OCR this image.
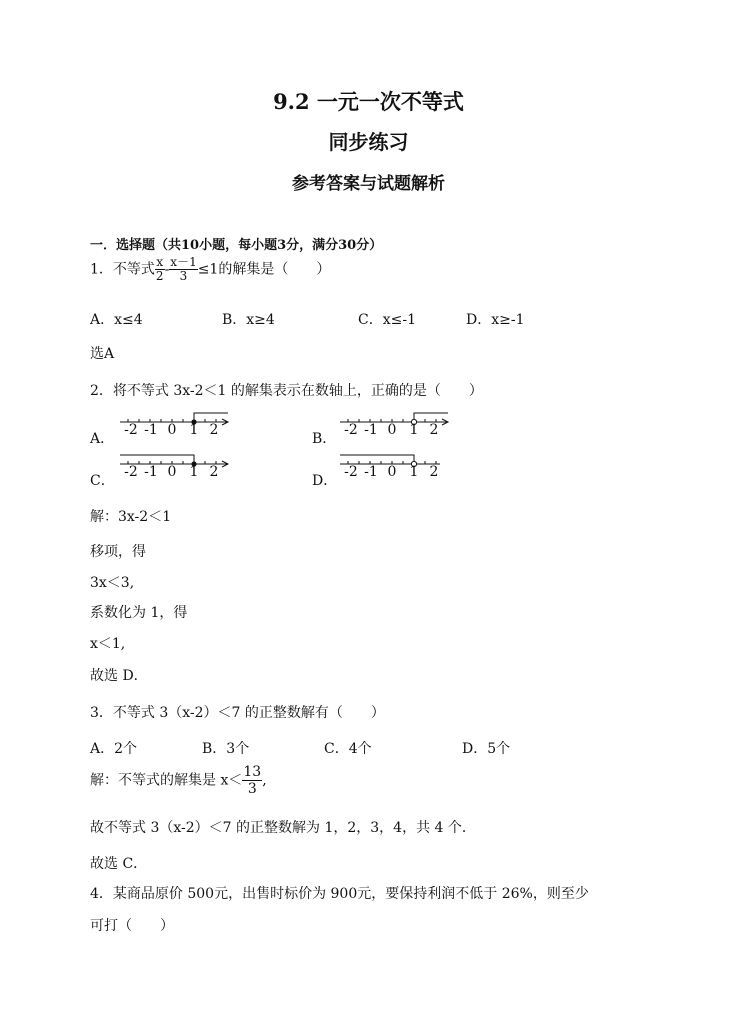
9.2 一元一次不等式
同步练习
参考答案与试题解析
一．选择题（共10小题，每小题3分，满分30分）
1．不等式 $\frac{x}{2} - \frac{x-1}{3} \le 1$的解集是（　　）
A．x≤4	B．x≥4	C．x≤-1	D．x≥-1
选A
2．将不等式 3x-2＜1 的解集表示在数轴上，正确的是（　　）
A．
-2 -1 0 1 2
B．
-2 -1 0 1 2
C．
-2 -1 0 1 2
D．
-2 -1 0 1 2
解：3x-2＜1
移项，得
3x＜3,
系数化为 1，得
x＜1,
故选 D．
3．不等式 3（x-2）＜7 的正整数解有（　　）
A．2个	B．3个	C．4个	D．5个
解：不等式的解集是 $x< \frac{13}{3}$ ,
故不等式 3（x-2）＜7 的正整数解为 1，2，3，4，共 4 个．
故选 C．
4．某商品原价 500元，出售时标价为 900元，要保持利润不低于 26%，则至少
可打（　　）
